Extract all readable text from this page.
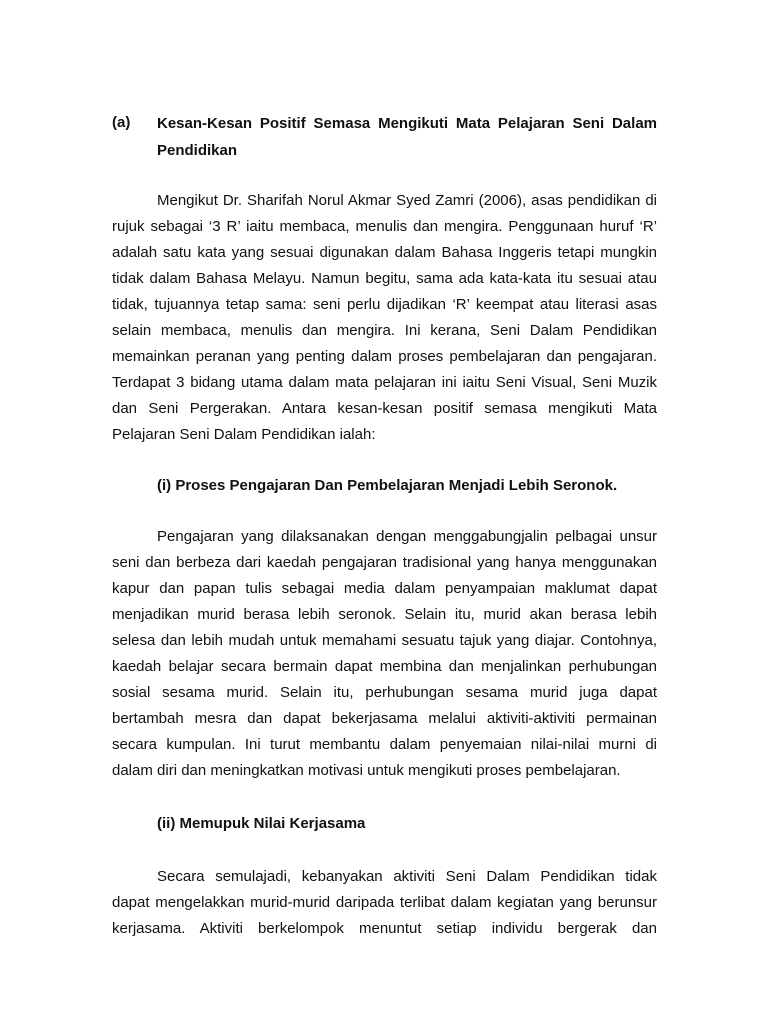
(a) Kesan-Kesan Positif Semasa Mengikuti Mata Pelajaran Seni Dalam
Pendidikan
Mengikut Dr. Sharifah Norul Akmar Syed Zamri (2006), asas pendidikan di
rujuk sebagai ‘3 R’ iaitu membaca, menulis dan mengira. Penggunaan huruf ‘R’
adalah satu kata yang sesuai digunakan dalam Bahasa Inggeris tetapi mungkin
tidak dalam Bahasa Melayu. Namun begitu, sama ada kata-kata itu sesuai atau
tidak, tujuannya tetap sama: seni perlu dijadikan ‘R’ keempat atau literasi asas
selain membaca, menulis dan mengira. Ini kerana, Seni Dalam Pendidikan
memainkan peranan yang penting dalam proses pembelajaran dan pengajaran.
Terdapat 3 bidang utama dalam mata pelajaran ini iaitu Seni Visual, Seni Muzik
dan Seni Pergerakan. Antara kesan-kesan positif semasa mengikuti Mata
Pelajaran Seni Dalam Pendidikan ialah:
(i) Proses Pengajaran Dan Pembelajaran Menjadi Lebih Seronok.
Pengajaran yang dilaksanakan dengan menggabungjalin pelbagai unsur
seni dan berbeza dari kaedah pengajaran tradisional yang hanya menggunakan
kapur dan papan tulis sebagai media dalam penyampaian maklumat dapat
menjadikan murid berasa lebih seronok. Selain itu, murid akan berasa lebih
selesa dan lebih mudah untuk memahami sesuatu tajuk yang diajar. Contohnya,
kaedah belajar secara bermain dapat membina dan menjalinkan perhubungan
sosial sesama murid. Selain itu, perhubungan sesama murid juga dapat
bertambah mesra dan dapat bekerjasama melalui aktiviti-aktiviti permainan
secara kumpulan. Ini turut membantu dalam penyemaian nilai-nilai murni di
dalam diri dan meningkatkan motivasi untuk mengikuti proses pembelajaran.
(ii) Memupuk Nilai Kerjasama
Secara semulajadi, kebanyakan aktiviti Seni Dalam Pendidikan tidak
dapat mengelakkan murid-murid daripada terlibat dalam kegiatan yang berunsur
kerjasama. Aktiviti berkelompok menuntut setiap individu bergerak dan
